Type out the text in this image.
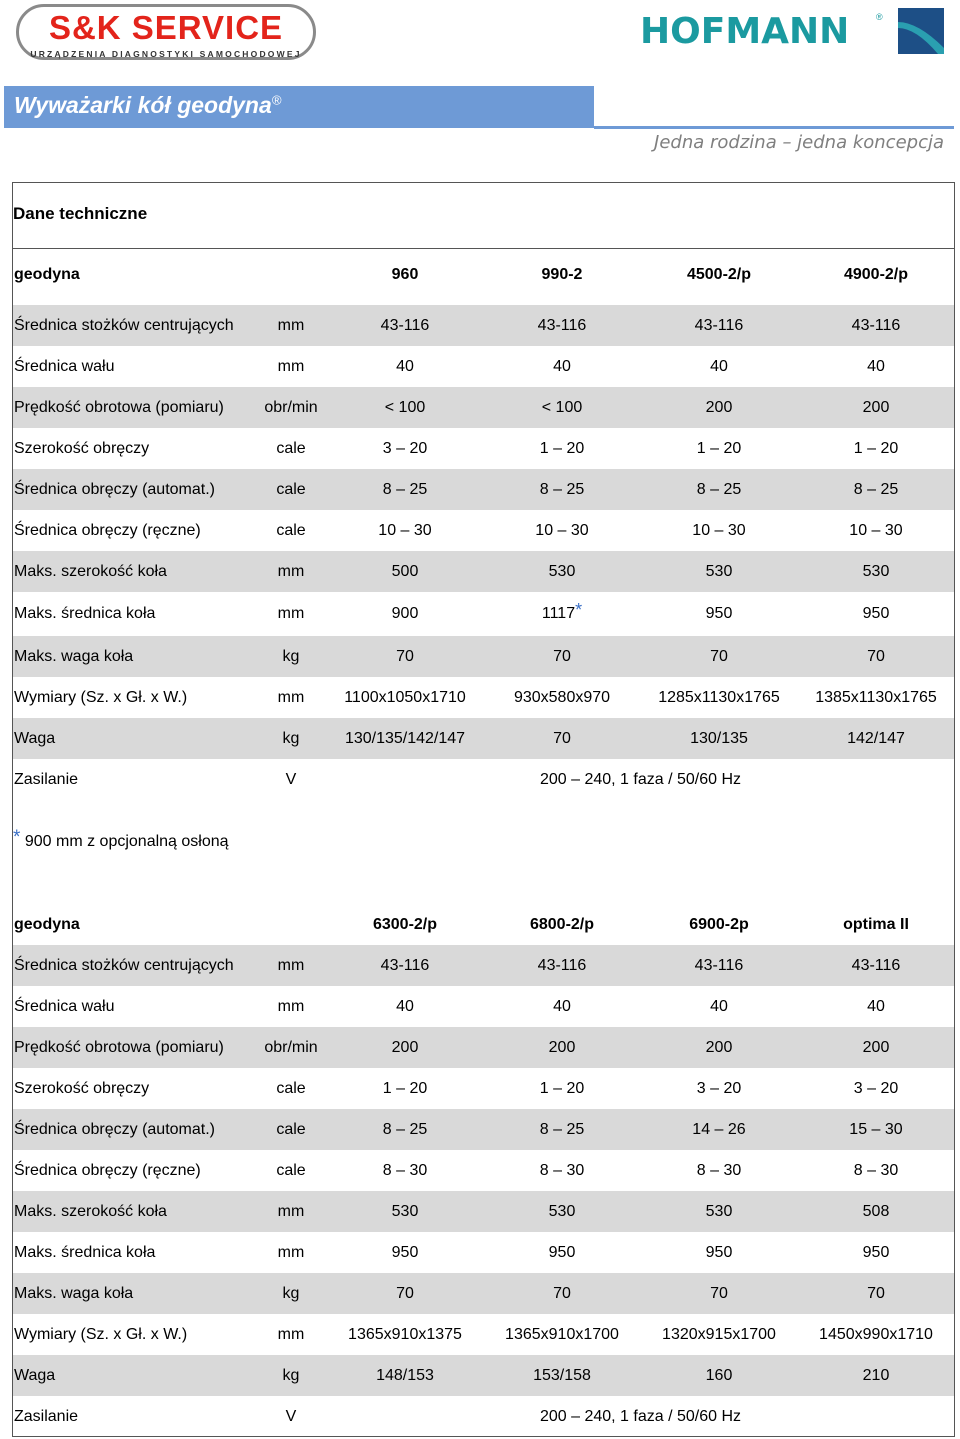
S&K SERVICE
URZĄDZENIA DIAGNOSTYKI SAMOCHODOWEJ
HOFMANN	®
Wyważarki kół geodyna®
Jedna rodzina – jedna koncepcja
Dane techniczne
geodyna	960	990-2	4500-2/p	4900-2/p
Średnica stożków centrujących	mm	43-116	43-116	43-116	43-116
Średnica wału	mm	40	40	40	40
Prędkość obrotowa (pomiaru)	obr/min	< 100	< 100	200	200
Szerokość obręczy	cale	3 – 20	1 – 20	1 – 20	1 – 20
Średnica obręczy (automat.)	cale	8 – 25	8 – 25	8 – 25	8 – 25
Średnica obręczy (ręczne)	cale	10 – 30	10 – 30	10 – 30	10 – 30
Maks. szerokość koła	mm	500	530	530	530
Maks. średnica koła	mm	900	1117 *	950	950
Maks. waga koła	kg	70	70	70	70
Wymiary (Sz. x Gł. x W.)	mm	1100x1050x1710	930x580x970	1285x1130x1765	1385x1130x1765
Waga	kg	130/135/142/147	70	130/135	142/147
Zasilanie	V	200 – 240, 1 faza / 50/60 Hz
* 900 mm z opcjonalną osłoną
geodyna	6300-2/p	6800-2/p	6900-2p	optima II
Średnica stożków centrujących	mm	43-116	43-116	43-116	43-116
Średnica wału	mm	40	40	40	40
Prędkość obrotowa (pomiaru)	obr/min	200	200	200	200
Szerokość obręczy	cale	1 – 20	1 – 20	3 – 20	3 – 20
Średnica obręczy (automat.)	cale	8 – 25	8 – 25	14 – 26	15 – 30
Średnica obręczy (ręczne)	cale	8 – 30	8 – 30	8 – 30	8 – 30
Maks. szerokość koła	mm	530	530	530	508
Maks. średnica koła	mm	950	950	950	950
Maks. waga koła	kg	70	70	70	70
Wymiary (Sz. x Gł. x W.)	mm	1365x910x1375	1365x910x1700	1320x915x1700	1450x990x1710
Waga	kg	148/153	153/158	160	210
Zasilanie	V	200 – 240, 1 faza / 50/60 Hz
